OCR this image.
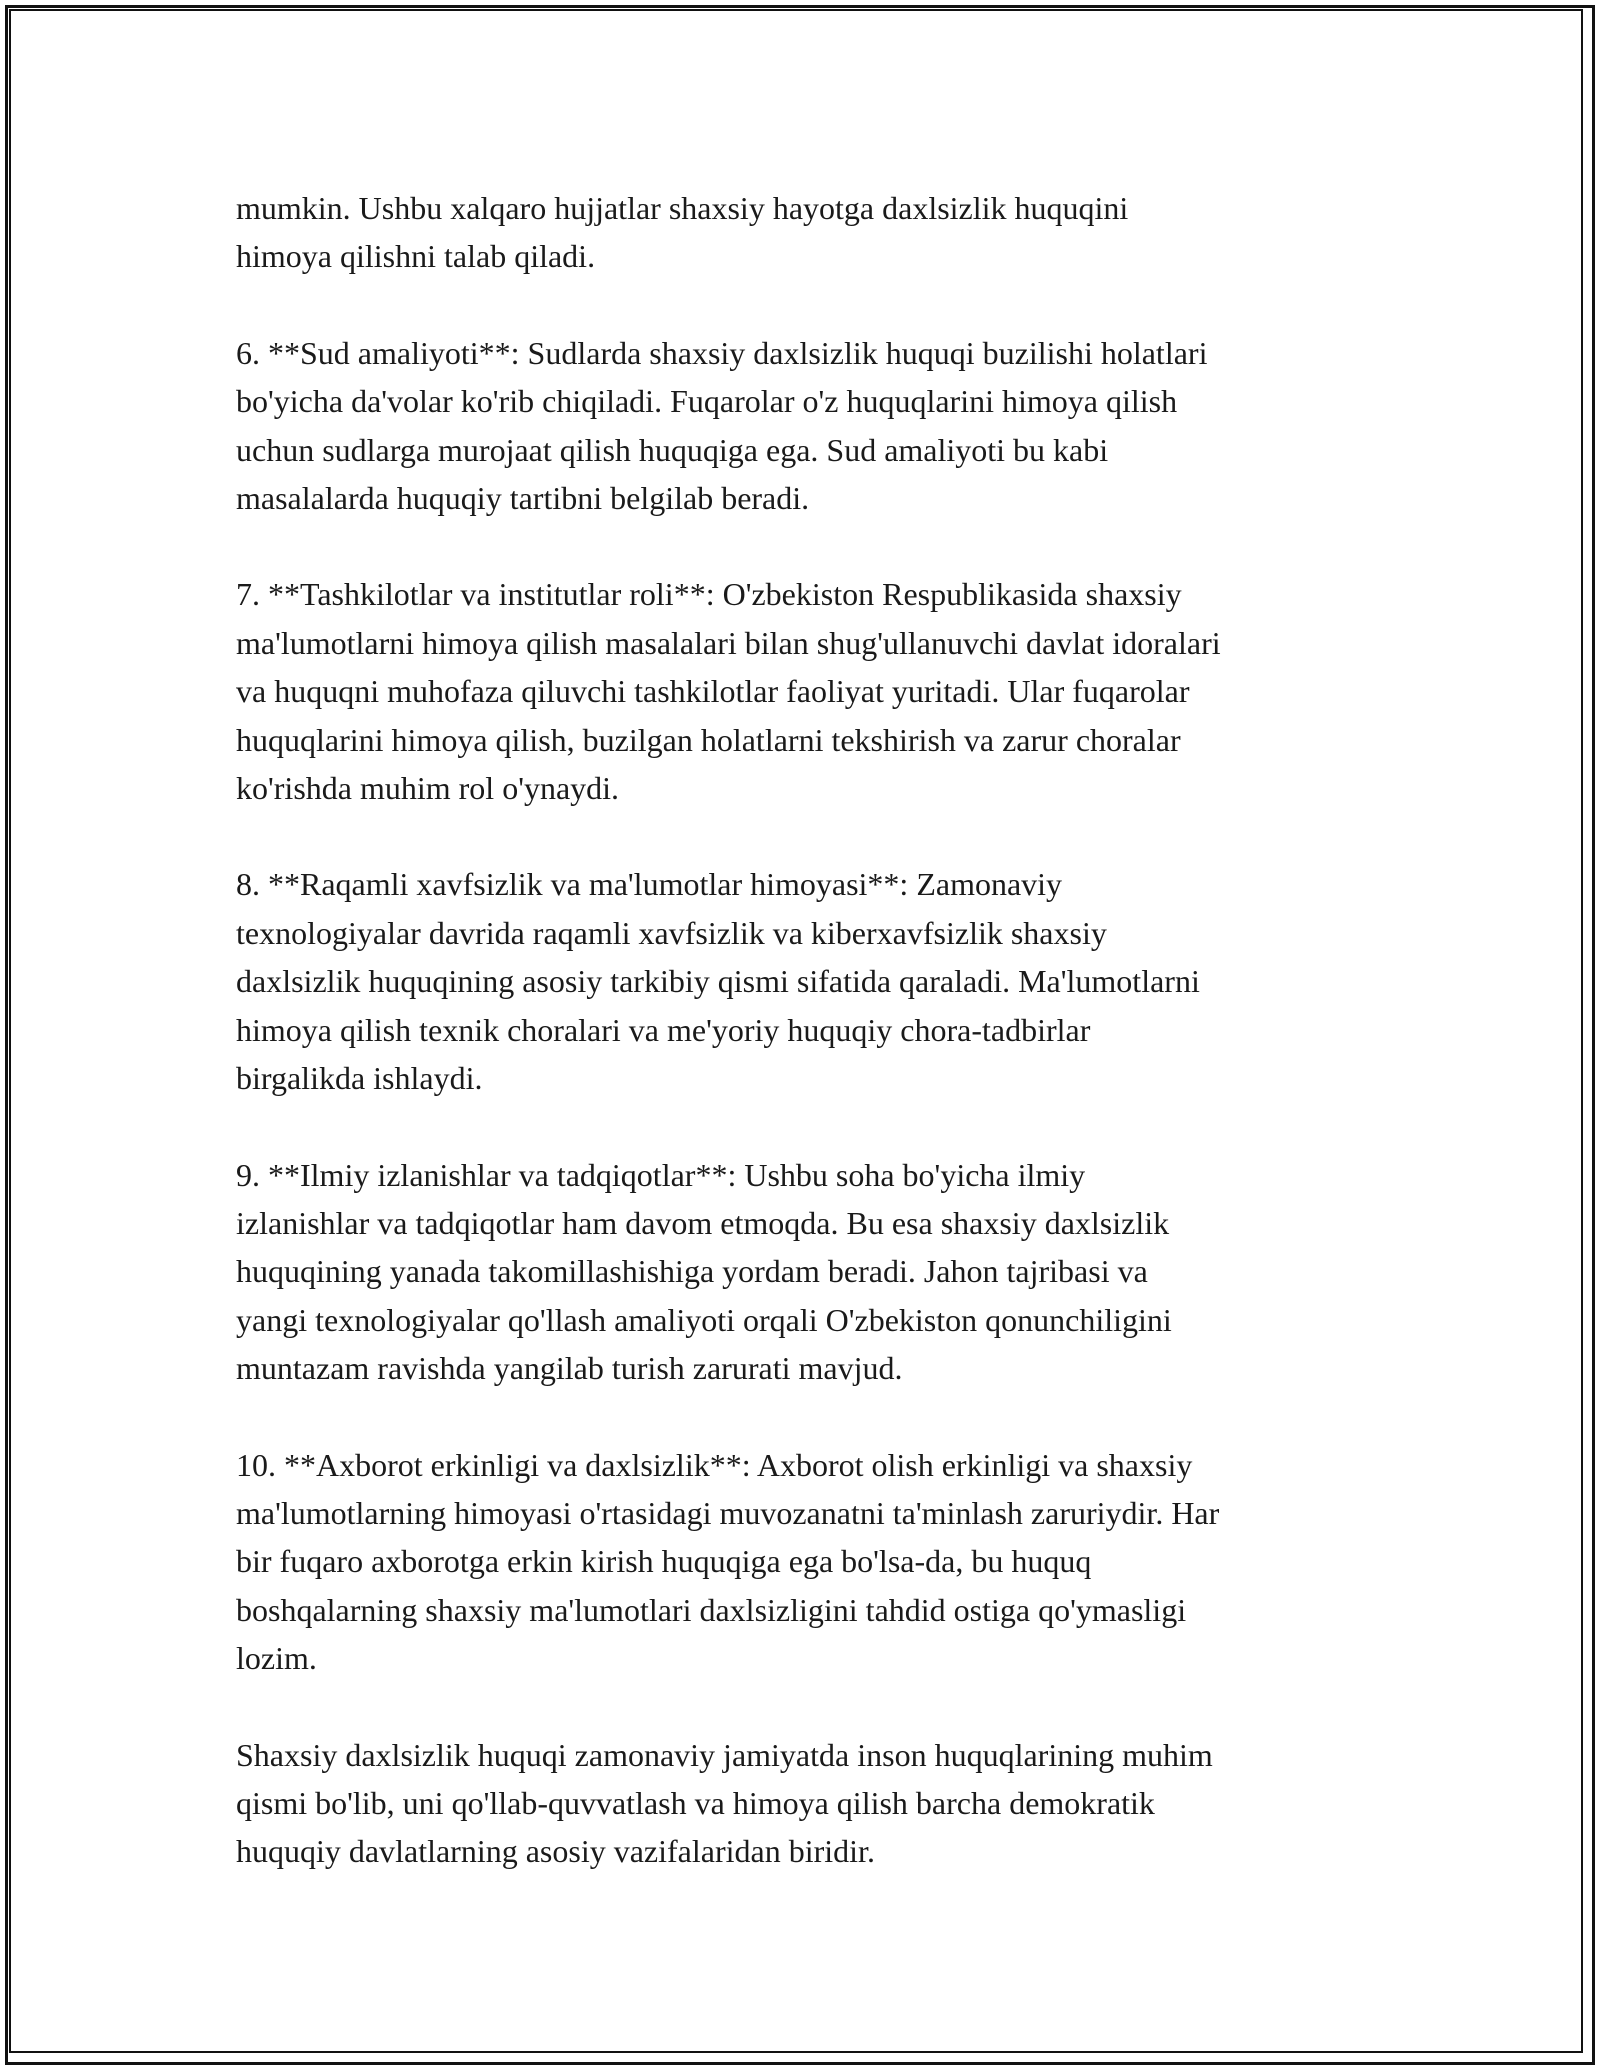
mumkin. Ushbu xalqaro hujjatlar shaxsiy hayotga daxlsizlik huquqini
himoya qilishni talab qiladi.

6. **Sud amaliyoti**: Sudlarda shaxsiy daxlsizlik huquqi buzilishi holatlari
bo'yicha da'volar ko'rib chiqiladi. Fuqarolar o'z huquqlarini himoya qilish
uchun sudlarga murojaat qilish huquqiga ega. Sud amaliyoti bu kabi
masalalarda huquqiy tartibni belgilab beradi.

7. **Tashkilotlar va institutlar roli**: O'zbekiston Respublikasida shaxsiy
ma'lumotlarni himoya qilish masalalari bilan shug'ullanuvchi davlat idoralari
va huquqni muhofaza qiluvchi tashkilotlar faoliyat yuritadi. Ular fuqarolar
huquqlarini himoya qilish, buzilgan holatlarni tekshirish va zarur choralar
ko'rishda muhim rol o'ynaydi.

8. **Raqamli xavfsizlik va ma'lumotlar himoyasi**: Zamonaviy
texnologiyalar davrida raqamli xavfsizlik va kiberxavfsizlik shaxsiy
daxlsizlik huquqining asosiy tarkibiy qismi sifatida qaraladi. Ma'lumotlarni
himoya qilish texnik choralari va me'yoriy huquqiy chora-tadbirlar
birgalikda ishlaydi.

9. **Ilmiy izlanishlar va tadqiqotlar**: Ushbu soha bo'yicha ilmiy
izlanishlar va tadqiqotlar ham davom etmoqda. Bu esa shaxsiy daxlsizlik
huquqining yanada takomillashishiga yordam beradi. Jahon tajribasi va
yangi texnologiyalar qo'llash amaliyoti orqali O'zbekiston qonunchiligini
muntazam ravishda yangilab turish zarurati mavjud.

10. **Axborot erkinligi va daxlsizlik**: Axborot olish erkinligi va shaxsiy
ma'lumotlarning himoyasi o'rtasidagi muvozanatni ta'minlash zaruriydir. Har
bir fuqaro axborotga erkin kirish huquqiga ega bo'lsa-da, bu huquq
boshqalarning shaxsiy ma'lumotlari daxlsizligini tahdid ostiga qo'ymasligi
lozim.

Shaxsiy daxlsizlik huquqi zamonaviy jamiyatda inson huquqlarining muhim
qismi bo'lib, uni qo'llab-quvvatlash va himoya qilish barcha demokratik
huquqiy davlatlarning asosiy vazifalaridan biridir.
